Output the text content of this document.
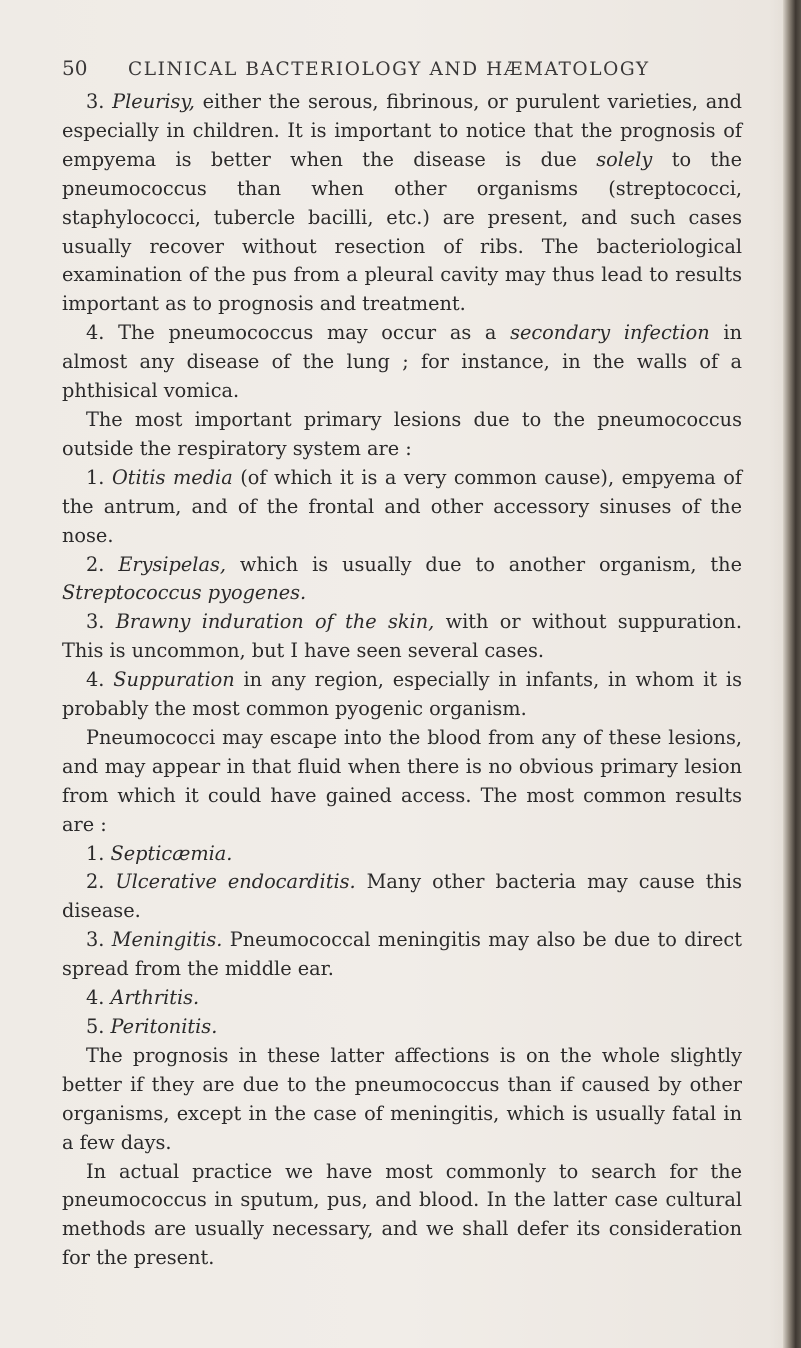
50 CLINICAL BACTERIOLOGY AND HÆMATOLOGY

3. Pleurisy, either the serous, fibrinous, or purulent varieties, and especially in children. It is important to notice that the prognosis of empyema is better when the disease is due solely to the pneumococcus than when other organisms (streptococci, staphylococci, tubercle bacilli, etc.) are present, and such cases usually recover without resection of ribs. The bacteriological examination of the pus from a pleural cavity may thus lead to results important as to prognosis and treatment.

4. The pneumococcus may occur as a secondary infection in almost any disease of the lung ; for instance, in the walls of a phthisical vomica.

The most important primary lesions due to the pneumococcus outside the respiratory system are :

1. Otitis media (of which it is a very common cause), empyema of the antrum, and of the frontal and other accessory sinuses of the nose.

2. Erysipelas, which is usually due to another organism, the Streptococcus pyogenes.

3. Brawny induration of the skin, with or without suppuration. This is uncommon, but I have seen several cases.

4. Suppuration in any region, especially in infants, in whom it is probably the most common pyogenic organism.

Pneumococci may escape into the blood from any of these lesions, and may appear in that fluid when there is no obvious primary lesion from which it could have gained access. The most common results are :

1. Septicæmia.

2. Ulcerative endocarditis. Many other bacteria may cause this disease.

3. Meningitis. Pneumococcal meningitis may also be due to direct spread from the middle ear.

4. Arthritis.

5. Peritonitis.

The prognosis in these latter affections is on the whole slightly better if they are due to the pneumococcus than if caused by other organisms, except in the case of meningitis, which is usually fatal in a few days.

In actual practice we have most commonly to search for the pneumococcus in sputum, pus, and blood. In the latter case cultural methods are usually necessary, and we shall defer its consideration for the present.
